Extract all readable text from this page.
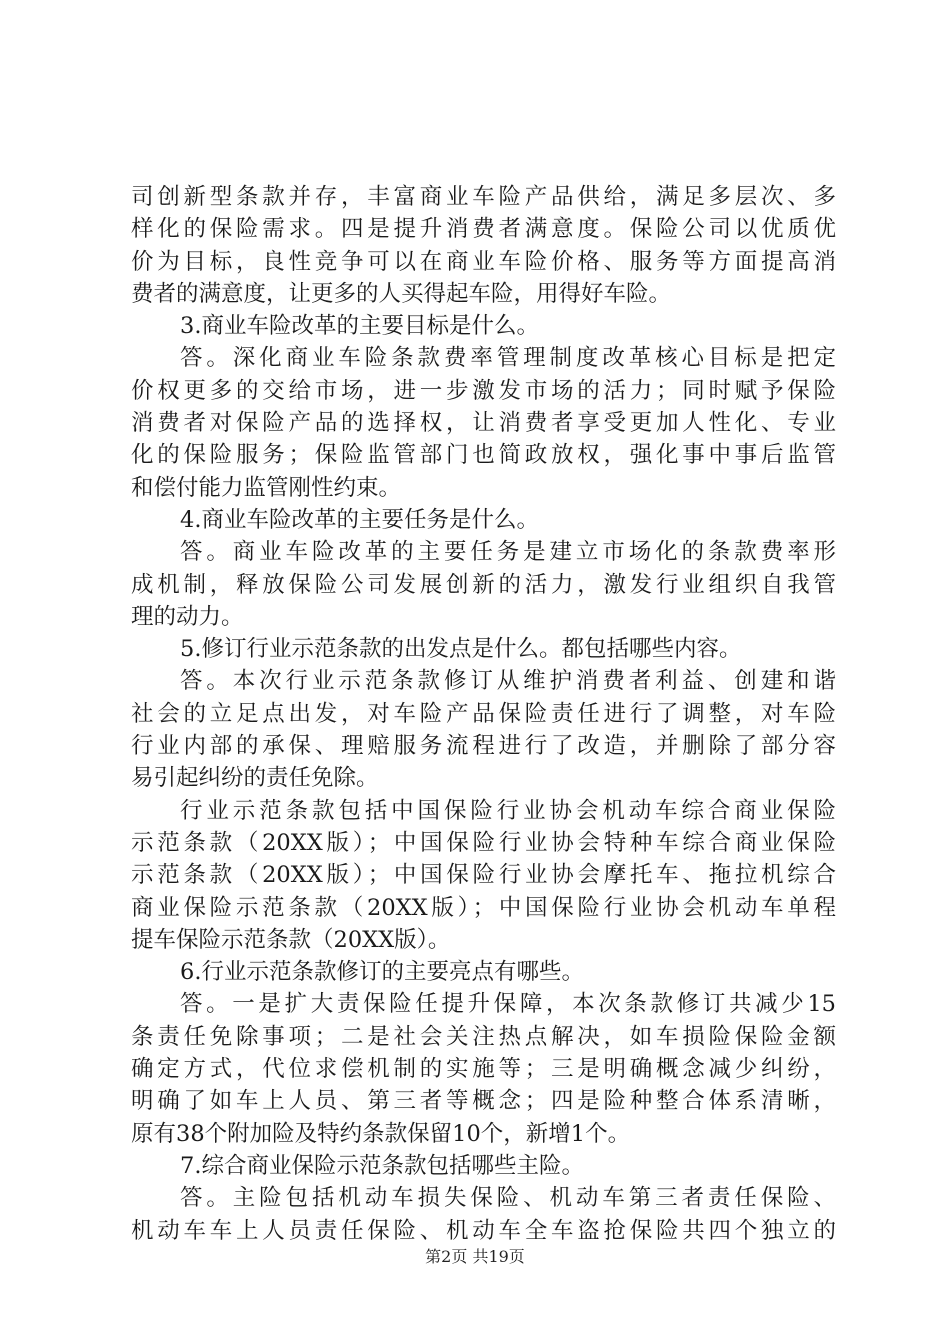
司创新型条款并存，丰富商业车险产品供给，满足多层次、多
样化的保险需求。四是提升消费者满意度。保险公司以优质优
价为目标，良性竞争可以在商业车险价格、服务等方面提高消
费者的满意度，让更多的人买得起车险，用得好车险。
3.商业车险改革的主要目标是什么。
答。深化商业车险条款费率管理制度改革核心目标是把定
价权更多的交给市场，进一步激发市场的活力；同时赋予保险
消费者对保险产品的选择权，让消费者享受更加人性化、专业
化的保险服务；保险监管部门也简政放权，强化事中事后监管
和偿付能力监管刚性约束。
4.商业车险改革的主要任务是什么。
答。商业车险改革的主要任务是建立市场化的条款费率形
成机制，释放保险公司发展创新的活力，激发行业组织自我管
理的动力。
5.修订行业示范条款的出发点是什么。都包括哪些内容。
答。本次行业示范条款修订从维护消费者利益、创建和谐
社会的立足点出发，对车险产品保险责任进行了调整，对车险
行业内部的承保、理赔服务流程进行了改造，并删除了部分容
易引起纠纷的责任免除。
行业示范条款包括中国保险行业协会机动车综合商业保险
示范条款（20XX版）；中国保险行业协会特种车综合商业保险
示范条款（20XX版）；中国保险行业协会摩托车、拖拉机综合
商业保险示范条款（20XX版）；中国保险行业协会机动车单程
提车保险示范条款（20XX版）。
6.行业示范条款修订的主要亮点有哪些。
答。一是扩大责保险任提升保障，本次条款修订共减少15
条责任免除事项；二是社会关注热点解决，如车损险保险金额
确定方式，代位求偿机制的实施等；三是明确概念减少纠纷，
明确了如车上人员、第三者等概念；四是险种整合体系清晰，
原有38个附加险及特约条款保留10个，新增1个。
7.综合商业保险示范条款包括哪些主险。
答。主险包括机动车损失保险、机动车第三者责任保险、
机动车车上人员责任保险、机动车全车盗抢保险共四个独立的
第2页 共19页
